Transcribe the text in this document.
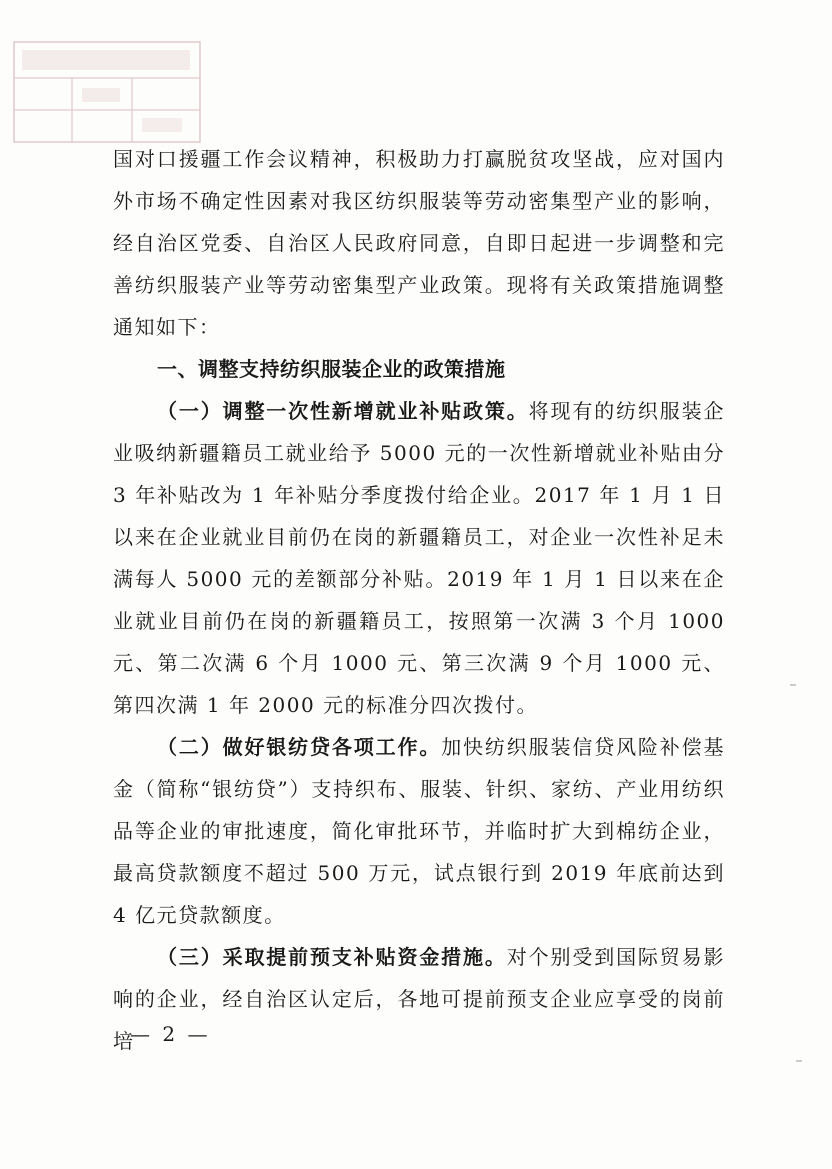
国对口援疆工作会议精神，积极助力打赢脱贫攻坚战，应对国内外市场不确定性因素对我区纺织服装等劳动密集型产业的影响，经自治区党委、自治区人民政府同意，自即日起进一步调整和完善纺织服装产业等劳动密集型产业政策。现将有关政策措施调整通知如下：

一、调整支持纺织服装企业的政策措施

（一）调整一次性新增就业补贴政策。将现有的纺织服装企业吸纳新疆籍员工就业给予 5000 元的一次性新增就业补贴由分 3 年补贴改为 1 年补贴分季度拨付给企业。2017 年 1 月 1 日以来在企业就业目前仍在岗的新疆籍员工，对企业一次性补足未满每人 5000 元的差额部分补贴。2019 年 1 月 1 日以来在企业就业目前仍在岗的新疆籍员工，按照第一次满 3 个月 1000 元、第二次满 6 个月 1000 元、第三次满 9 个月 1000 元、第四次满 1 年 2000 元的标准分四次拨付。

（二）做好银纺贷各项工作。加快纺织服装信贷风险补偿基金（简称“银纺贷”）支持织布、服装、针织、家纺、产业用纺织品等企业的审批速度，简化审批环节，并临时扩大到棉纺企业，最高贷款额度不超过 500 万元，试点银行到 2019 年底前达到 4 亿元贷款额度。

（三）采取提前预支补贴资金措施。对个别受到国际贸易影响的企业，经自治区认定后，各地可提前预支企业应享受的岗前培

— 2 —
